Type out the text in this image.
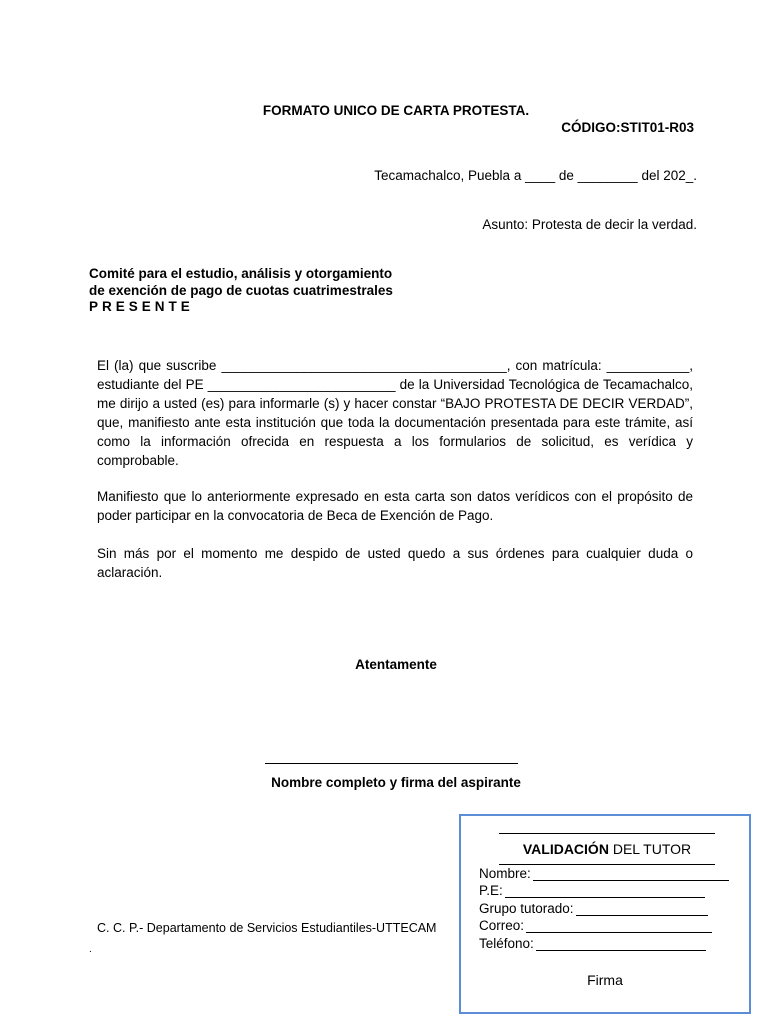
FORMATO UNICO DE CARTA PROTESTA.
CÓDIGO:STIT01-R03
Tecamachalco, Puebla a ____ de ________ del 202_.
Asunto: Protesta de decir la verdad.
Comité para el estudio, análisis y otorgamiento
de exención de pago de cuotas cuatrimestrales
PRESENTE
El (la) que suscribe ______________________________________, con matrícula: ___________, estudiante del PE _________________________ de la Universidad Tecnológica de Tecamachalco, me dirijo a usted (es) para informarle (s) y hacer constar “BAJO PROTESTA DE DECIR VERDAD”, que, manifiesto ante esta institución que toda la documentación presentada para este trámite, así como la información ofrecida en respuesta a los formularios de solicitud, es verídica y comprobable.
Manifiesto que lo anteriormente expresado en esta carta son datos verídicos con el propósito de poder participar en la convocatoria de Beca de Exención de Pago.
Sin más por el momento me despido de usted quedo a sus órdenes para cualquier duda o aclaración.
Atentamente
Nombre completo y firma del aspirante
C. C. P.- Departamento de Servicios Estudiantiles-UTTECAM
.
VALIDACIÓN DEL TUTOR
Nombre:
P.E:
Grupo tutorado:
Correo:
Teléfono:
Firma
